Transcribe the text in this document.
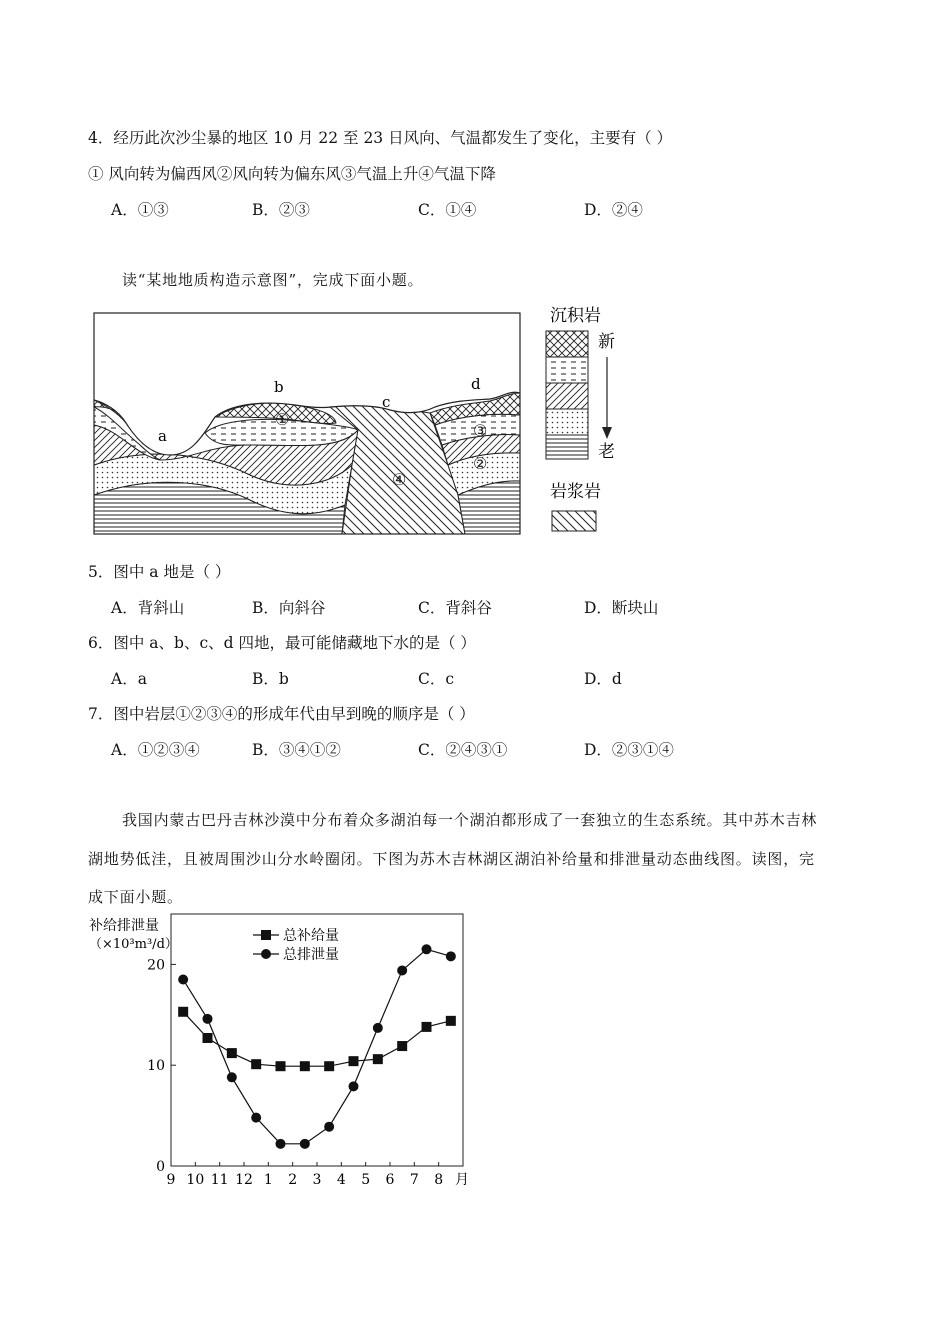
4．经历此次沙尘暴的地区 10 月 22 至 23 日风向、气温都发生了变化，主要有（ ）
① 风向转为偏西风②风向转为偏东风③气温上升④气温下降
A．①③	B．②③	C．①④	D．②④
读“某地地质构造示意图”，完成下面小题。
a
b
c
d
①
②
③
④
沉积岩
新
老
岩浆岩
5．图中 a 地是（ ）
A．背斜山	B．向斜谷	C．背斜谷	D．断块山
6．图中 a、b、c、d 四地，最可能储藏地下水的是（ ）
A．a	B．b	C．c	D．d
7．图中岩层①②③④的形成年代由早到晚的顺序是（ ）
A．①②③④	B．③④①②	C．②④③①	D．②③①④
我国内蒙古巴丹吉林沙漠中分布着众多湖泊每一个湖泊都形成了一套独立的生态系统。其中苏木吉林
湖地势低洼，且被周围沙山分水岭圈闭。下图为苏木吉林湖区湖泊补给量和排泄量动态曲线图。读图，完
成下面小题。
补给排泄量
（×10³m³/d）
月
0
10
20
9 10 11 12 1 2 3 4 5 6 7 8
总补给量
总排泄量
